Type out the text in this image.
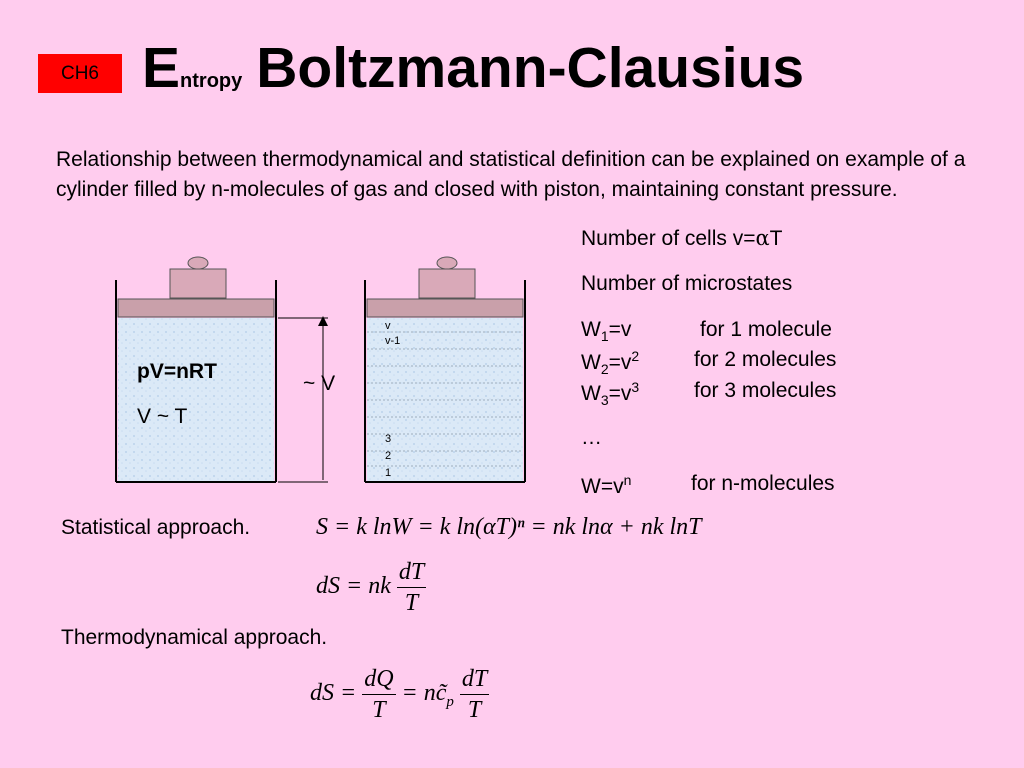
CH6 Entropy Boltzmann-Clausius
Relationship between thermodynamical and statistical definition can be explained on example of a cylinder filled by n-molecules of gas and closed with piston, maintaining constant pressure.
pV=nRT
V ~ T
~ V
v
v-1
3
2
1
Number of cells v=αT
Number of microstates
$W_1=v$	for 1 molecule
$W_2=v^2$	for 2 molecules
$W_3=v^3$	for 3 molecules
…
$W=v^n$	for n-molecules
Statistical approach.	S = k lnW = k ln(αT)ⁿ = nk lnα + nk lnT
dS = nk $\frac{dT}{T}$
Thermodynamical approach.
dS = $\frac{dQ}{T}$ = $nc̃_p \frac{dT}{T}$
